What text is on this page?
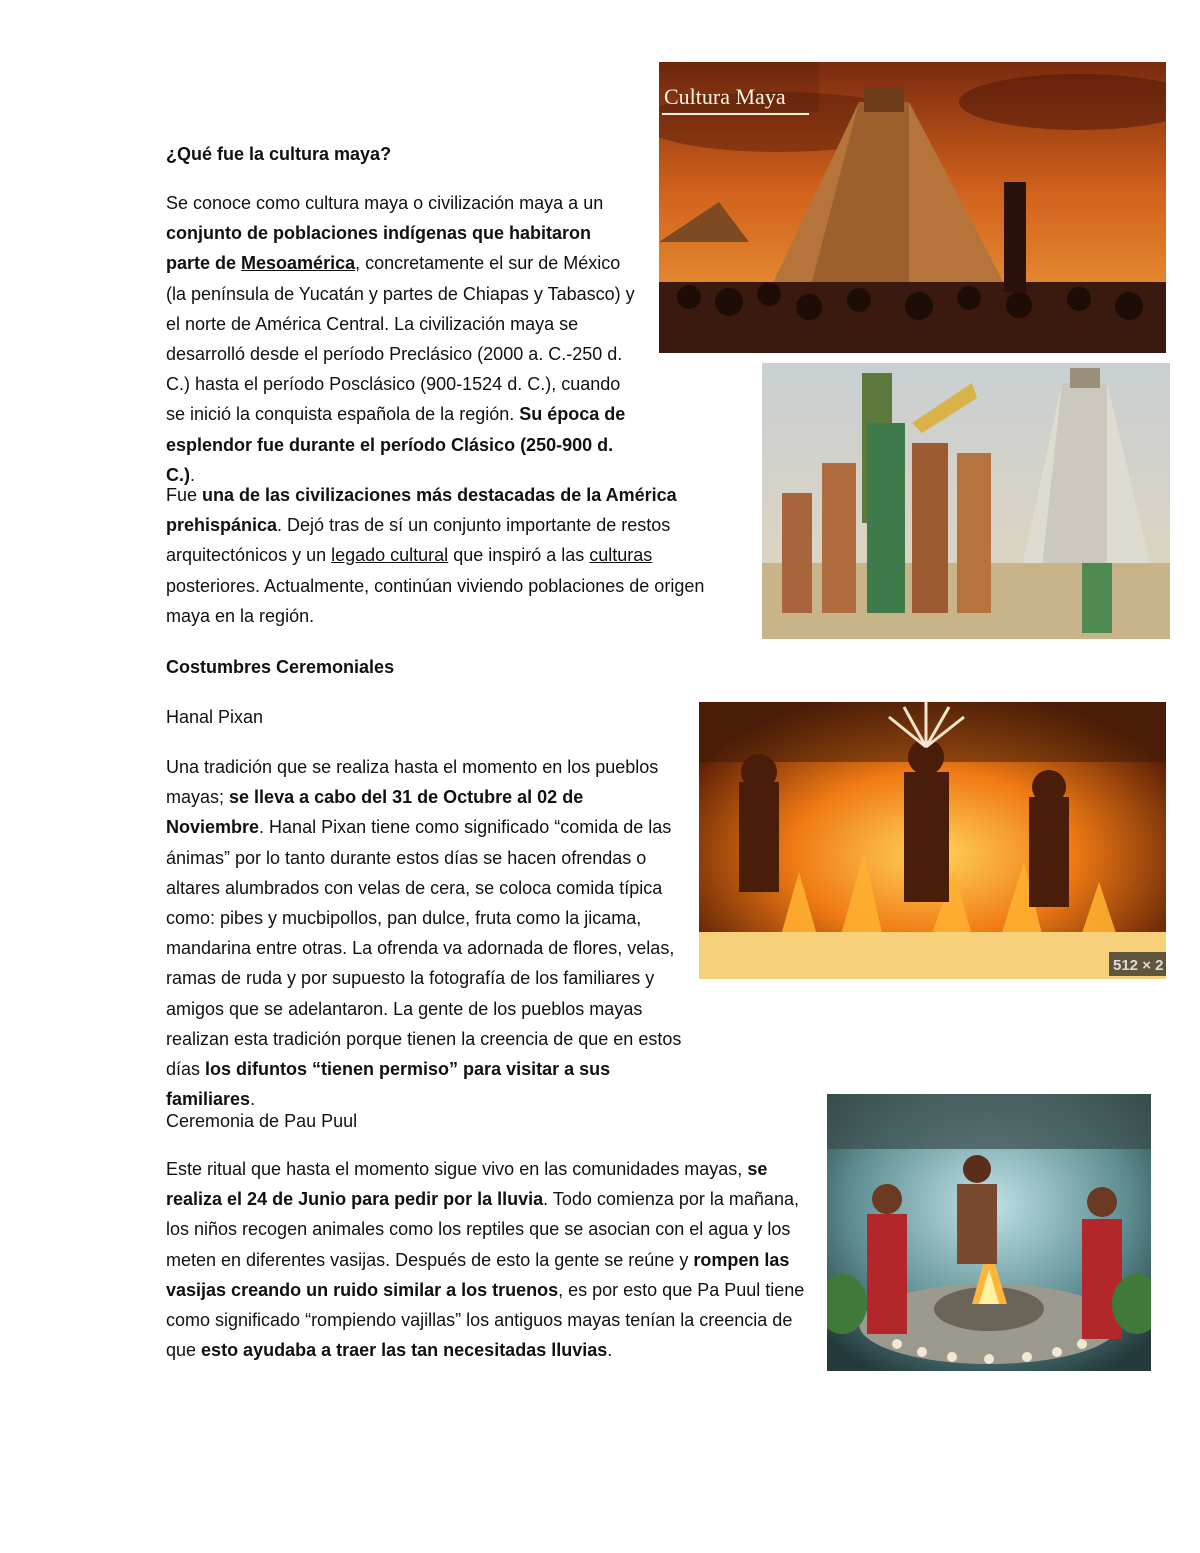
¿Qué fue la cultura maya?

Se conoce como cultura maya o civilización maya a un conjunto de poblaciones indígenas que habitaron parte de Mesoamérica, concretamente el sur de México (la península de Yucatán y partes de Chiapas y Tabasco) y el norte de América Central. La civilización maya se desarrolló desde el período Preclásico (2000 a. C.-250 d. C.) hasta el período Posclásico (900-1524 d. C.), cuando se inició la conquista española de la región. Su época de esplendor fue durante el período Clásico (250-900 d. C.).

Fue una de las civilizaciones más destacadas de la América prehispánica. Dejó tras de sí un conjunto importante de restos arquitectónicos y un legado cultural que inspiró a las culturas posteriores. Actualmente, continúan viviendo poblaciones de origen maya en la región.

Costumbres Ceremoniales
Hanal Pixan

Una tradición que se realiza hasta el momento en los pueblos mayas; se lleva a cabo del 31 de Octubre al 02 de Noviembre. Hanal Pixan tiene como significado “comida de las ánimas” por lo tanto durante estos días se hacen ofrendas o altares alumbrados con velas de cera, se coloca comida típica como: pibes y mucbipollos, pan dulce, fruta como la jicama, mandarina entre otras. La ofrenda va adornada de flores, velas, ramas de ruda y por supuesto la fotografía de los familiares y amigos que se adelantaron. La gente de los pueblos mayas realizan esta tradición porque tienen la creencia de que en estos días los difuntos “tienen permiso” para visitar a sus familiares.

Ceremonia de Pau Puul

Este ritual que hasta el momento sigue vivo en las comunidades mayas, se realiza el 24 de Junio para pedir por la lluvia. Todo comienza por la mañana, los niños recogen animales como los reptiles que se asocian con el agua y los meten en diferentes vasijas. Después de esto la gente se reúne y rompen las vasijas creando un ruido similar a los truenos, es por esto que Pa Puul tiene como significado “rompiendo vajillas” los antiguos mayas tenían la creencia de que esto ayudaba a traer las tan necesitadas lluvias.

Cultura Maya
512 × 2
